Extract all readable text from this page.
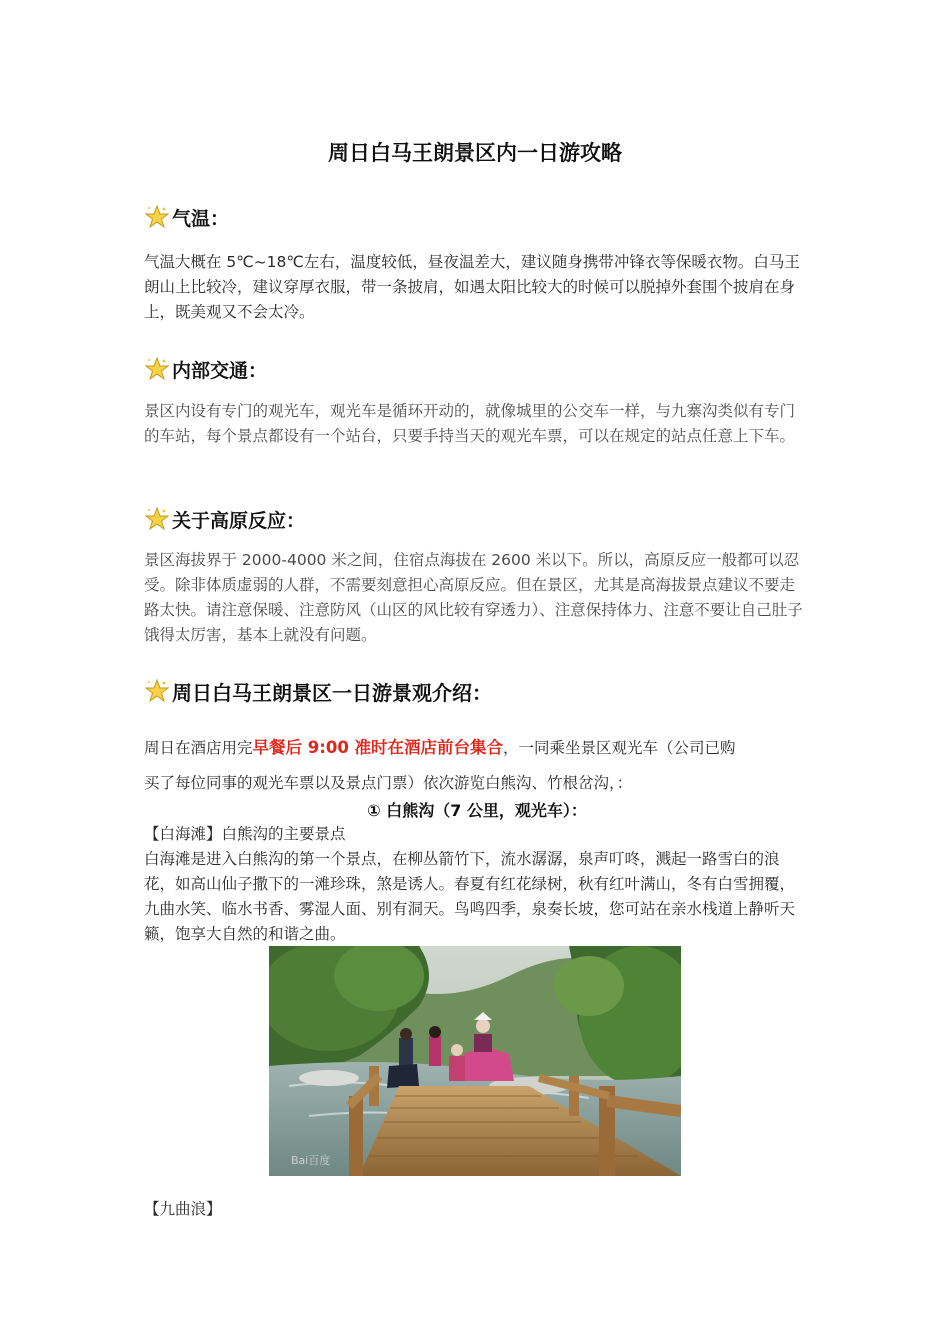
周日白马王朗景区内一日游攻略
气温：
气温大概在 5℃~18℃左右，温度较低，昼夜温差大，建议随身携带冲锋衣等保暖衣物。白马王朗山上比较冷，建议穿厚衣服，带一条披肩，如遇太阳比较大的时候可以脱掉外套围个披肩在身上，既美观又不会太冷。
内部交通：
景区内设有专门的观光车，观光车是循环开动的，就像城里的公交车一样，与九寨沟类似有专门的车站，每个景点都设有一个站台，只要手持当天的观光车票，可以在规定的站点任意上下车。
关于高原反应：
景区海拔界于 2000-4000 米之间，住宿点海拔在 2600 米以下。所以，高原反应一般都可以忍受。除非体质虚弱的人群，不需要刻意担心高原反应。但在景区，尤其是高海拔景点建议不要走路太快。请注意保暖、注意防风（山区的风比较有穿透力）、注意保持体力、注意不要让自己肚子饿得太厉害，基本上就没有问题。
周日白马王朗景区一日游景观介绍：
周日在酒店用完早餐后 9:00 准时在酒店前台集合，一同乘坐景区观光车（公司已购
买了每位同事的观光车票以及景点门票）依次游览白熊沟、竹根岔沟，：
① 白熊沟（7 公里，观光车）：
【白海滩】白熊沟的主要景点
白海滩是进入白熊沟的第一个景点，在柳丛箭竹下，流水潺潺，泉声叮咚，溅起一路雪白的浪花，如高山仙子撒下的一滩珍珠，煞是诱人。春夏有红花绿树，秋有红叶满山，冬有白雪拥覆，九曲水笑、临水书香、雾湿人面、别有洞天。鸟鸣四季，泉奏长坡，您可站在亲水栈道上静听天籁，饱享大自然的和谐之曲。
Bai百度
【九曲浪】
